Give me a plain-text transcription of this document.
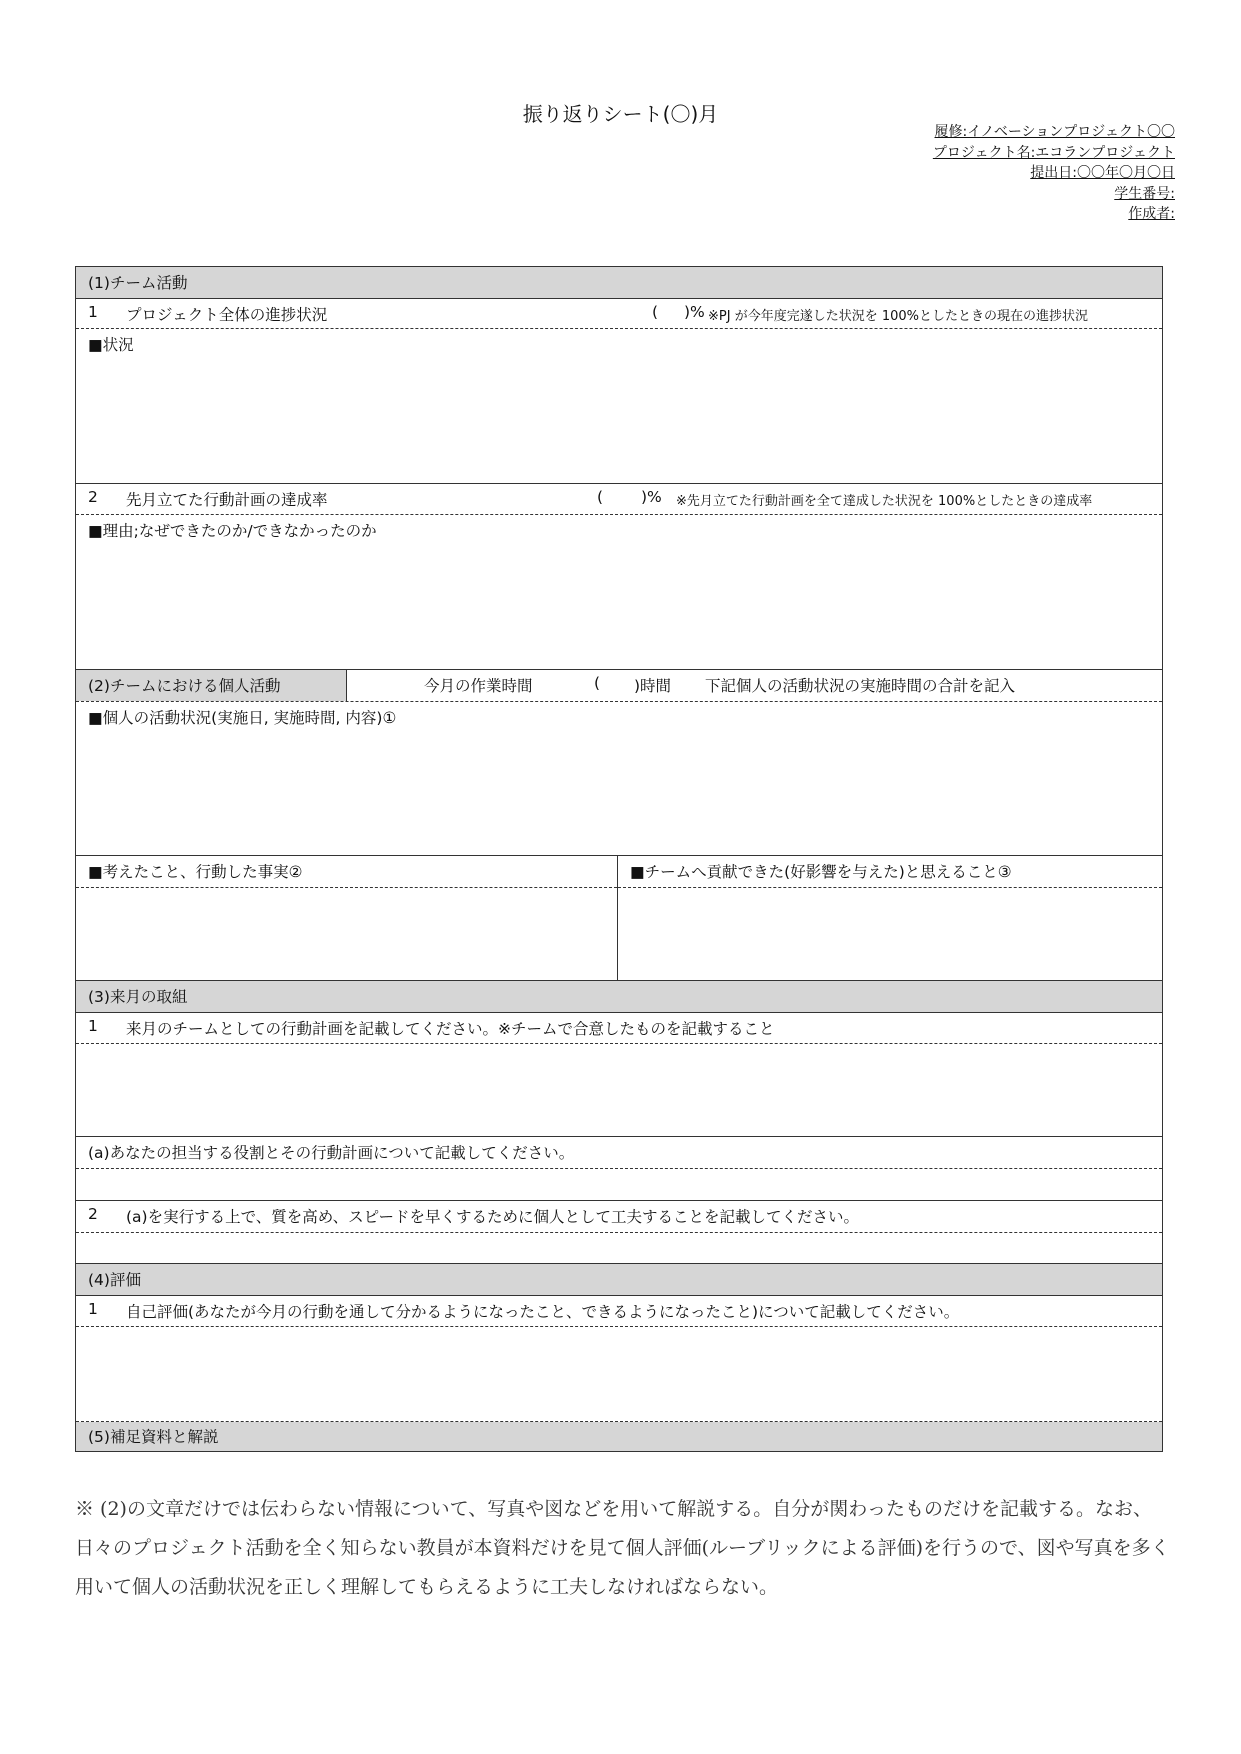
振り返りシート(〇)月
履修:イノベーションプロジェクト〇〇
プロジェクト名:エコランプロジェクト
提出日:〇〇年〇月〇日
学生番号:
作成者:
(1)チーム活動
1 プロジェクト全体の進捗状況	( )% ※PJ が今年度完遂した状況を 100%としたときの現在の進捗状況
■状況
2 先月立てた行動計画の達成率	( )% ※先月立てた行動計画を全て達成した状況を 100%としたときの達成率
■理由;なぜできたのか/できなかったのか
(2)チームにおける個人活動	今月の作業時間	( )時間 下記個人の活動状況の実施時間の合計を記入
■個人の活動状況(実施日, 実施時間, 内容)①
■考えたこと、行動した事実②	■チームへ貢献できた(好影響を与えた)と思えること③
(3)来月の取組
1 来月のチームとしての行動計画を記載してください。※チームで合意したものを記載すること
(a)あなたの担当する役割とその行動計画について記載してください。
2 (a)を実行する上で、質を高め、スピードを早くするために個人として工夫することを記載してください。
(4)評価
1 自己評価(あなたが今月の行動を通して分かるようになったこと、できるようになったこと)について記載してください。
(5)補足資料と解説
※ (2)の文章だけでは伝わらない情報について、写真や図などを用いて解説する。自分が関わったものだけを記載する。なお、日々のプロジェクト活動を全く知らない教員が本資料だけを見て個人評価(ルーブリックによる評価)を行うので、図や写真を多く用いて個人の活動状況を正しく理解してもらえるように工夫しなければならない。
